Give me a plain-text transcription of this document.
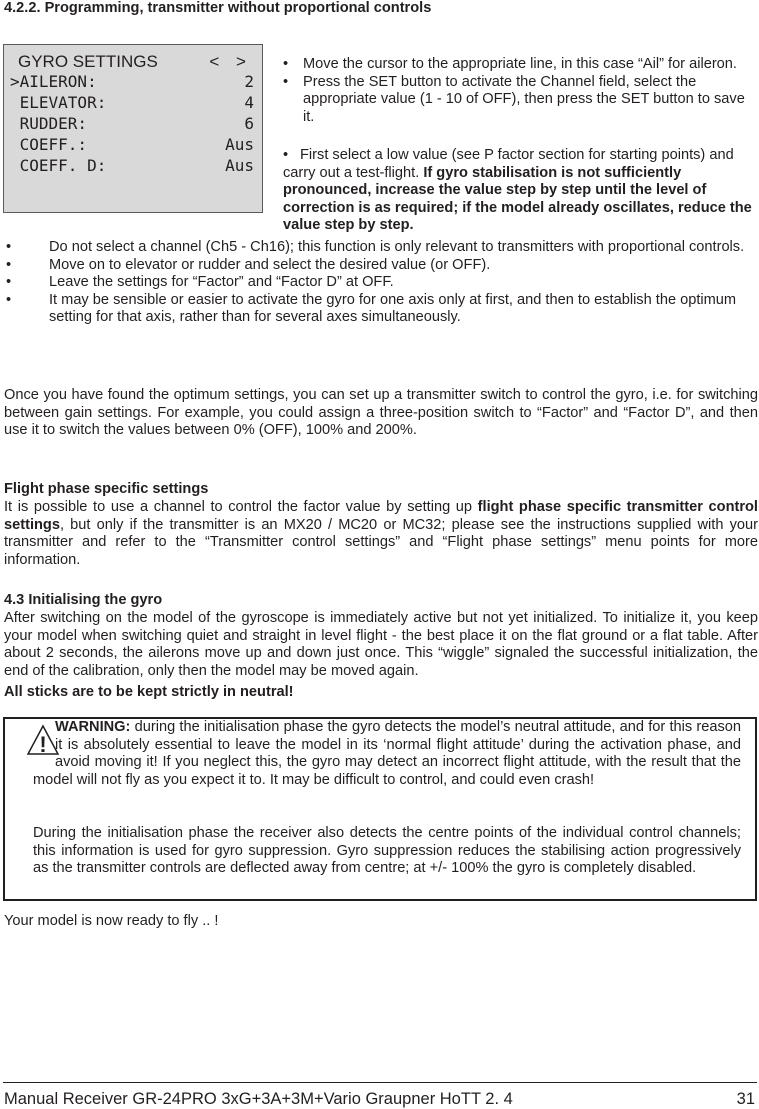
4.2.2. Programming, transmitter without proportional controls
GYRO SETTINGS	< >
>AILERON:	2
ELEVATOR:	4
RUDDER:	6
COEFF.:	Aus
COEFF. D:	Aus
• Move the cursor to the appropriate line, in this case “Ail” for aileron.
• Press the SET button to activate the Channel field, select the appropriate value (1 - 10 of OFF), then press the SET button to save it.
• First select a low value (see P factor section for starting points) and carry out a test-flight. If gyro stabilisation is not sufficiently pronounced, increase the value step by step until the level of correction is as required; if the model already oscillates, reduce the value step by step.
•	Do not select a channel (Ch5 - Ch16); this function is only relevant to transmitters with proportional controls.
•	Move on to elevator or rudder and select the desired value (or OFF).
•	Leave the settings for “Factor” and “Factor D” at OFF.
•	It may be sensible or easier to activate the gyro for one axis only at first, and then to establish the optimum setting for that axis, rather than for several axes simultaneously.

Once you have found the optimum settings, you can set up a transmitter switch to control the gyro, i.e. for switching between gain settings. For example, you could assign a three-position switch to “Factor” and “Factor D”, and then use it to switch the values between 0% (OFF), 100% and 200%.

Flight phase specific settings

It is possible to use a channel to control the factor value by setting up flight phase specific transmitter control settings, but only if the transmitter is an MX20 / MC20 or MC32; please see the instructions supplied with your transmitter and refer to the “Transmitter control settings” and “Flight phase settings” menu points for more information.

4.3 Initialising the gyro

After switching on the model of the gyroscope is immediately active but not yet initialized. To initialize it, you keep your model when switching quiet and straight in level flight - the best place it on the flat ground or a flat table. After about 2 seconds, the ailerons move up and down just once. This “wiggle” signaled the successful initialization, the end of the calibration, only then the model may be moved again.

All sticks are to be kept strictly in neutral!
!
WARNING: during the initialisation phase the gyro detects the model’s neutral attitude, and for this reason it is absolutely essential to leave the model in its ‘normal flight attitude’ during the activation phase, and avoid moving it! If you neglect this, the gyro may detect an incorrect flight attitude, with the result that the model will not fly as you expect it to. It may be difficult to control, and could even crash!
During the initialisation phase the receiver also detects the centre points of the individual control channels; this information is used for gyro suppression. Gyro suppression reduces the stabilising action progressively as the transmitter controls are deflected away from centre; at +/- 100% the gyro is completely disabled.
Your model is now ready to fly .. !
Manual Receiver GR-24PRO 3xG+3A+3M+Vario Graupner HoTT 2. 4	31
